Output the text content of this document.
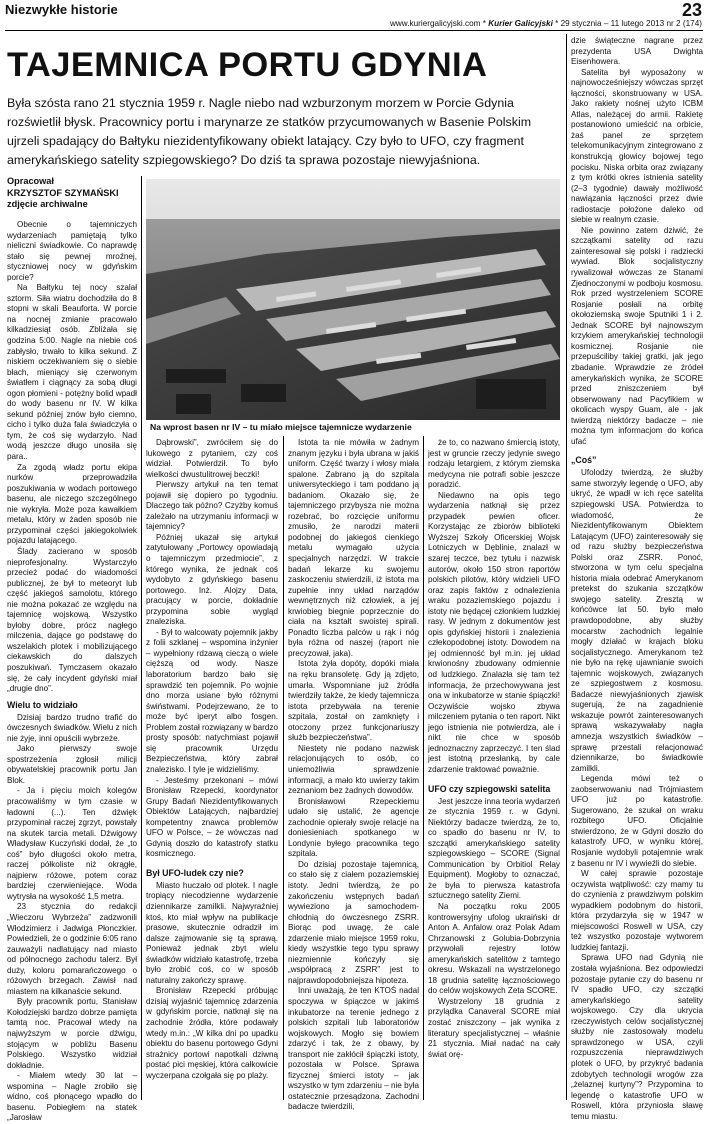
Niezwykłe historie	23
www.kuriergalicyjski.com * Kurier Galicyjski * 29 stycznia – 11 lutego 2013 nr 2 (174)
TAJEMNICA PORTU GDYNIA
Była szósta rano 21 stycznia 1959 r. Nagle niebo nad wzburzonym morzem w Porcie Gdynia rozświetlił błysk. Pracownicy portu i marynarze ze statków przycumowanych w Basenie Polskim ujrzeli spadający do Bałtyku niezidentyfikowany obiekt latający. Czy było to UFO, czy fragment amerykańskiego satelity szpiegowskiego? Do dziś ta sprawa pozostaje niewyjaśniona.
Opracował
KRZYSZTOF SZYMAŃSKI
zdjęcie archiwalne
Na wprost basen nr IV – tu miało miejsce tajemnicze wydarzenie

Obecnie o tajemniczych wydarzeniach pamiętają tylko nieliczni świadkowie. Co naprawdę stało się pewnej mroźnej, styczniowej nocy w gdyńskim porcie?

Na Bałtyku tej nocy szalał sztorm. Siła wiatru dochodziła do 8 stopni w skali Beauforta. W porcie na nocnej zmianie pracowało kilkadziesiąt osób. Zbliżała się godzina 5:00. Nagle na niebie coś zabłysło, trwało to kilka sekund. Z niskiem oczekiwaniem się o siebie błach, mieniący się czerwonym światłem i ciągnący za sobą długi ogon płomieni - potężny bolid wpadł do wody basenu nr IV. W kilka sekund później znów było ciemno, cicho i tylko duża fala świadczyła o tym, że coś się wydarzyło. Nad wodą jeszcze długo unosiła się para..

Za zgodą władz portu ekipa nurków przeprowadziła poszukiwania w wodach portowego basenu, ale niczego szczególnego nie wykryła. Może poza kawałkiem metalu, który w żaden sposób nie przypominał części jakiegokolwiek pojazdu latającego.

Ślady zacierano w sposób nieprofesjonalny. Wystarczyło przecież podać do wiadomości publicznej, że był to meteoryt lub część jakiegoś samolotu, którego nie można pokazać ze względu na tajemnicę wojskową. Wszystko byłoby dobre, prócz nagłego milczenia, dające go podstawę do wszelakich plotek i mobilizującego ciekawskich do dalszych poszukiwań. Tymczasem okazało się, że cały incydent gdyński miał „drugie dno”.

Wielu to widziało

Dzisiaj bardzo trudno trafić do ówczesnych świadków. Wielu z nich nie żyje, inni opuścili wybrzeże.

Jako pierwszy swoje spostrzeżenia zgłosił milicji obywatelskiej pracownik portu Jan Blok.

- Ja i pięciu moich kolegów pracowaliśmy w tym czasie w ładowni (...). Ten dźwięk przypominał raczej zgrzyt, powstały na skutek tarcia metali. Dźwigowy Władysław Kuczyński dodał, że „to coś” było długości około metra, raczej półkoliste niż okrągłe, najpierw różowe, potem coraz bardziej czerwieniejące. Woda wytrysła na wysokość 1,5 metra.

23 stycznia do redakcji „Wieczoru Wybrzeża” zadzwonili Włodzimierz i Jadwiga Płonczkier. Powiedzieli, że o godzinie 6:05 rano zauważyli nadlatujący nad miasto od północnego zachodu talerz. Był duży, koloru pomarańczowego o różowych brzegach. Zawisł nad miastem na kilkanaście sekund.

Były pracownik portu, Stanisław Kołodziejski bardzo dobrze pamięta tamtą noc. Pracował wtedy na najwyższym w porcie dźwigu, stojącym w pobliżu Basenu Polskiego. Wszystko widział dokładnie.

- Miałem wtedy 30 lat – wspomina – Nagle zrobiło się widno, coś płonącego wpadło do basenu. Pobiegłem na statek „Jarosław

Dąbrowski”, zwróciłem się do lukowego z pytaniem, czy coś widział. Potwierdził. To było wielkości dwustulitrowej beczki!

Pierwszy artykuł na ten temat pojawił się dopiero po tygodniu. Dlaczego tak późno? Czyżby komuś zależało na utrzymaniu informacji w tajemnicy?

Później ukazał się artykuł zatytułowany „Portowcy opowiadają o tajemniczym przedmiocie”, z którego wynika, że jednak coś wydobyto z gdyńskiego basenu portowego. Inż. Alojzy Data, pracujący w porcie, dokładnie przypomina sobie wygląd znaleziska.

- Był to walcowaty pojemnik jakby z folii szklanej – wspomina inżynier – wypełniony rdzawą cieczą o wiele cięższą od wody. Nasze laboratorium bardzo bało się sprawdzić ten pojemnik. Po wojnie dno morza usiane było różnymi świństwami. Podejrzewano, że to może być iperyt albo fosgen. Problem został rozwiązany w bardzo prosty sposób: natychmiast pojawił się pracownik Urzędu Bezpieczeństwa, który zabrał znalezisko. I tyle je widzieliśmy.

- Jesteśmy przekonani – mówi Bronisław Rzepecki, koordynator Grupy Badań Niezidentyfikowanych Obiektów Latających, najbardziej kompetentny znawca problemów UFO w Polsce, – że wówczas nad Gdynią doszło do katastrofy statku kosmicznego.

Był UFO-ludek czy nie?

Miasto huczało od plotek. I nagle tropiący niecodzienne wydarzenie dziennikarze zamilkli. Najwyraźniej ktoś, kto miał wpływ na publikacje prasowe, skutecznie odradził im dalsze zajmowanie się tą sprawą. Ponieważ jednak zbyt wielu świadków widziało katastrofę, trzeba było zrobić coś, co w sposób naturalny zakończy sprawę.

Bronisław Rzepecki próbując dzisiaj wyjaśnić tajemnicę zdarzenia w gdyńskim porcie, natknął się na zachodnie źródła, które podawały wtedy m.in.: „W kilka dni po upadku obiektu do basenu portowego Gdyni strażnicy portowi napotkali dziwną postać pici męskiej, która całkowicie wyczerpana czołgała się po plaży.

Istota ta nie mówiła w żadnym znanym języku i była ubrana w jakiś uniform. Część twarzy i włosy miała spalone. Zabrano ją do szpitala uniwersyteckiego i tam poddano ją badaniom. Okazało się, że tajemniczego przybysza nie można rozebrać, bo rozcięcie uniformu zmusiło, że narodzi materii podobnej do jakiegoś cienkiego metalu wymagało użycia specjalnych narzędzi. W trakcie badań lekarze ku swojemu zaskoczeniu stwierdzili, iż istota ma zupełnie inny układ narządów wewnętrznych niż człowiek, a jej krwiobieg biegnie poprzecznie do ciała na kształt swoistej spirali. Ponadto liczba palców u rąk i nóg była różna od naszej (raport nie precyzował, jaka).

Istota żyła dopóty, dopóki miała na ręku bransoletę. Gdy ją zdjęto, umarła. Wspomniane już źródła twierdziły także, że kiedy tajemnicza istota przebywała na terenie szpitala, został on zamknięty i otoczony przez funkcjonariuszy służb bezpieczeństwa”.

Niestety nie podano nazwisk relacjonujących to osób, co uniemożliwia sprawdzenie informacji, a mało kto uwierzy takim zeznaniom bez żadnych dowodów.

Bronisławowi Rzepeckiemu udało się ustalić, że agencje zachodnie opierały swoje relacje na doniesieniach spotkanego w Londynie byłego pracownika tego szpitala.

Do dzisiaj pozostaje tajemnicą, co stało się z ciałem pozaziemskiej istoty. Jedni twierdzą, że po zakończeniu wstępnych badań wywieziono ja samochodem-chłodnią do ówczesnego ZSRR. Biorąc pod uwagę, że cale zdarzenie miało miejsce 1959 roku, kiedy wszystkie tego typu sprawy niezmiennie kończyły się „współpracą z ZSRR” jest to najprawdopodobniejsza hipoteza.

Inni uważają, że ten KTOŚ nadal spoczywa w śpiączce w jakimś inkubatorze na terenie jednego z polskich szpitali lub laboratoriów wojskowych. Mogło się bowiem zdarzyć i tak, że z obawy, by transport nie zakłócił śpiączki istoty, pozostała w Polsce. Sprawa fizycznej śmierci istoty – jak wszystko w tym zdarzeniu – nie była ostatecznie przesądzona. Zachodni badacze twierdzili,

że to, co nazwano śmiercią istoty, jest w gruncie rzeczy jedynie swego rodzaju letargiem, z którym ziemska medycyna nie potrafi sobie jeszcze poradzić.

Niedawno na opis tego wydarzenia natknął się przez przypadek pewien oficer. Korzystając ze zbiorów biblioteki Wyższej Szkoły Oficerskiej Wojsk Lotniczych w Dęblinie, znalazł w szarej teczce, bez tytułu i nazwisk autorów, około 150 stron raportów polskich pilotów, który widzieli UFO oraz zapis faktów z odnalezienia wraku pozaziemskiego pojazdu i istoty nie będącej członkiem ludzkiej rasy. W jednym z dokumentów jest opis gdyńskiej historii i znalezienia człekopodobnej istoty. Dowodem na jej odmienność był m.in. jej układ krwionośny zbudowany odmiennie od ludzkiego. Znalazła się tam też informacja, że przechowywana jest ona w inkubatorze w stanie śpiączki! Oczywiście wojsko zbywa milczeniem pytania o ten raport. Nikt jego istnienia nie potwierdza, ale i nikt nie chce w sposób jednoznaczny zaprzeczyć. I ten ślad jest istotną przesłanką, by cale zdarzenie traktować poważnie.

UFO czy szpiegowski satelita

Jest jeszcze inna teoria wydarzeń ze stycznia 1959 r. w Gdyni. Niektórzy badacze twierdzą, że to, co spadło do basenu nr IV, to szczątki amerykańskiego satelity szpiegowskiego – SCORE (Signal Communication by Orbitiol Relay Equipment). Mogłoby to oznaczać, że była to pierwsza katastrofa sztucznego satelity Ziemi.

Na początku roku 2005 kontrowersyjny ufolog ukraiński dr Anton A. Anfalow oraz Polak Adam Chrzanowski z Golubia-Dobrzynia przywołali rejestry lotów amerykańskich satelitów z tamtego okresu. Wskazali na wystrzelonego 18 grudnia satelitę łącznościowego do celów wojskowych Zeta SCORE.

Wystrzelony 18 grudnia z przylądka Canaveral SCORE miał zostać zniszczony – jak wynika z literatury specjalistycznej – właśnie 21 stycznia. Miał nadać na cały świat orę-

dzie świąteczne nagrane przez prezydenta USA Dwighta Eisenhowera.

Satelita był wyposażony w najnowocześniejszy wówczas sprzęt łączności, skonstruowany w USA. Jako rakiety nośnej użyto ICBM Atlas, należącej do armii. Rakietę postanowiono umieścić na orbicie, żaś panel ze sprzętem telekomunikacyjnym zintegrowano z konstrukcją głowicy bojowej tego pocisku. Niska orbita oraz związany z tym krótki okres istnienia satelity (2–3 tygodnie) dawały możliwość nawiązania łączności przez dwie radiostacje położone daleko od siebie w realnym czasie.

Nie powinno zatem dziwić, że szczątkami satelity od razu zainteresował się polski i radziecki wywiad. Blok socjalistyczny rywalizował wówczas ze Stanami Zjednoczonymi w podboju kosmosu. Rok przed wystrzeleniem SCORE Rosjanie posłali na orbitę okołoziemską swoje Sputniki 1 i 2. Jednak SCORE był najnowszym krzykiem amerykańskiej technologii kosmicznej. Rosjanie nie przepuściliby takiej gratki, jak jego zbadanie. Wprawdzie ze źródeł amerykańskich wynika, że SCORE przed zniszczeniem był obserwowany nad Pacyfikiem w okolicach wyspy Guam, ale - jak twierdzą niektórzy badacze – nie można tym informacjom do końca ufać

„Coś”

Ufolodzy twierdzą, że służby same stworzyły legendę o UFO, aby ukryć, że wpadł w ich ręce satelita szpiegowski USA. Potwierdza to wiadomość, że Niezidentyfikowanym Obiektem Latającym (UFO) zainteresowały się od razu służby bezpieczeństwa Polski oraz ZSRR. Ponoć, stworzona w tym celu specjalna historia miała odebrać Amerykanom pretekst do szukania szczątków swojego satelity. Zresztą w końcówce lat 50. było mało prawdopodobne, aby służby mocarstw zachodnich legalnie mogły działać w krajach bloku socjalistycznego. Amerykanom też nie było na rękę ujawnianie swoich tajemnic wojskowych, związanych ze szpiegostwem z kosmosu. Badacze niewyjaśnionych zjawisk sugerują, że na zagadnienie wskazuje powrót zainteresowanych sprawą wskazywałaby nagła amnezja wszystkich świadków – sprawę przestali relacjonować dziennikarze, bo świadkowie zamilkli.

Legenda mówi też o zaobserwowaniu nad Trójmiastem UFO już po katastrofie. Sugerowano, że szukał on wraku rozbitego UFO. Oficjalnie stwierdzono, że w Gdyni doszło do katastrofy UFO, w wyniku której, Rosjanie wydobyli potajemnie wrak z basenu nr IV i wywieźli do siebie.

W całej sprawie pozostaje oczywista wątpliwość: czy mamy tu do czynienia z prawdziwym polskim wypadkiem podobnym do historii, która przydarzyła się w 1947 w miejscowości Roswell w USA, czy też wszystko pozostaje wytworem ludzkiej fantazji.

Sprawa UFO nad Gdynią nie została wyjaśniona. Bez odpowiedzi pozostaje pytanie czy do basenu nr IV spadło UFO, czy szczątki amerykańskiego satelity wojskowego. Czy dla ukrycia rzeczywistych celów socjalistycznej służby nie zastosowały modelu sprawdzonego w USA, czyli rozpuszczenia nieprawdziwych plotek o UFO, by przykryć badania zdobytych technologii wrogów zza „żelaznej kurtyny”? Przypomina to legendę o katastrofie UFO w Roswell, która przyniosła sławę temu miastu.
